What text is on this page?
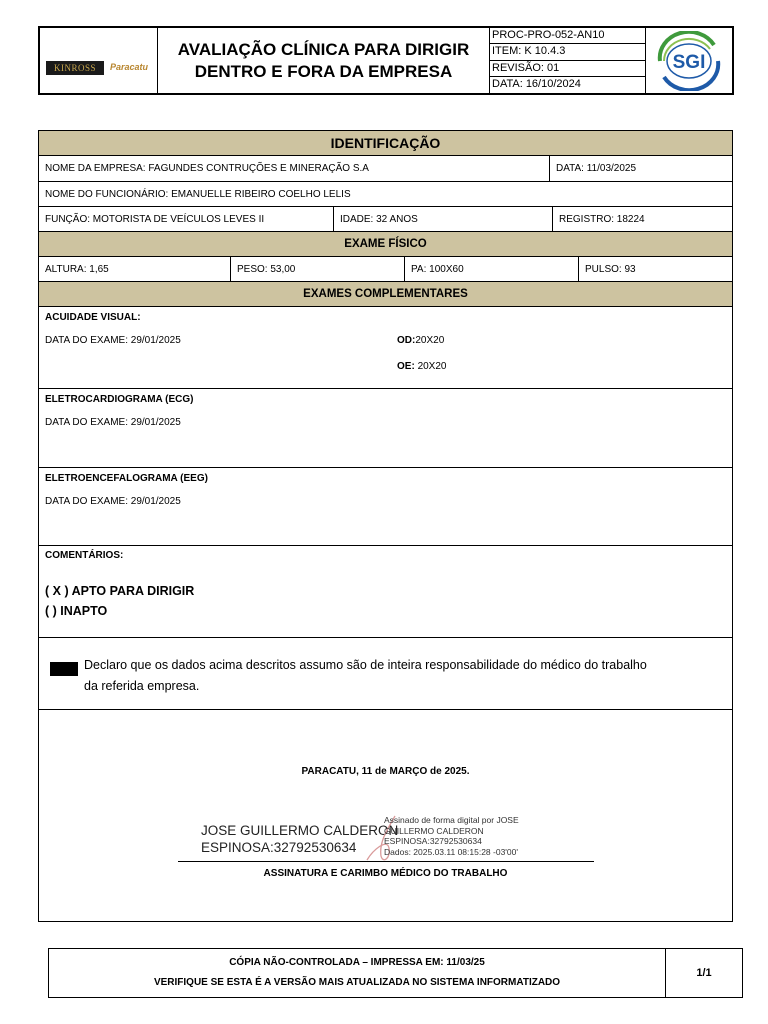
KINROSS	Paracatu
AVALIAÇÃO CLÍNICA PARA DIRIGIR
DENTRO E FORA DA EMPRESA
PROC-PRO-052-AN10
ITEM: K 10.4.3
REVISÃO: 01
DATA: 16/10/2024
SGI
IDENTIFICAÇÃO
NOME DA EMPRESA: FAGUNDES CONTRUÇÕES E MINERAÇÃO S.A	DATA: 11/03/2025
NOME DO FUNCIONÁRIO: EMANUELLE RIBEIRO COELHO LELIS
FUNÇÃO: MOTORISTA DE VEÍCULOS LEVES II	IDADE: 32 ANOS	REGISTRO: 18224
EXAME FÍSICO
ALTURA: 1,65	PESO: 53,00	PA: 100X60	PULSO: 93
EXAMES COMPLEMENTARES
ACUIDADE VISUAL:
DATA DO EXAME: 29/01/2025	OD:20X20
OE: 20X20
ELETROCARDIOGRAMA (ECG)
DATA DO EXAME: 29/01/2025
ELETROENCEFALOGRAMA (EEG)
DATA DO EXAME: 29/01/2025
COMENTÁRIOS:
( X ) APTO PARA DIRIGIR
( ) INAPTO
Declaro que os dados acima descritos assumo são de inteira responsabilidade do médico do trabalho
da referida empresa.
PARACATU, 11 de MARÇO de 2025.
JOSE GUILLERMO CALDERON
ESPINOSA:32792530634
Assinado de forma digital por JOSE
GUILLERMO CALDERON
ESPINOSA:32792530634
Dados: 2025.03.11 08:15:28 -03'00'
ASSINATURA E CARIMBO MÉDICO DO TRABALHO
CÓPIA NÃO-CONTROLADA – IMPRESSA EM: 11/03/25
VERIFIQUE SE ESTA É A VERSÃO MAIS ATUALIZADA NO SISTEMA INFORMATIZADO
1/1
